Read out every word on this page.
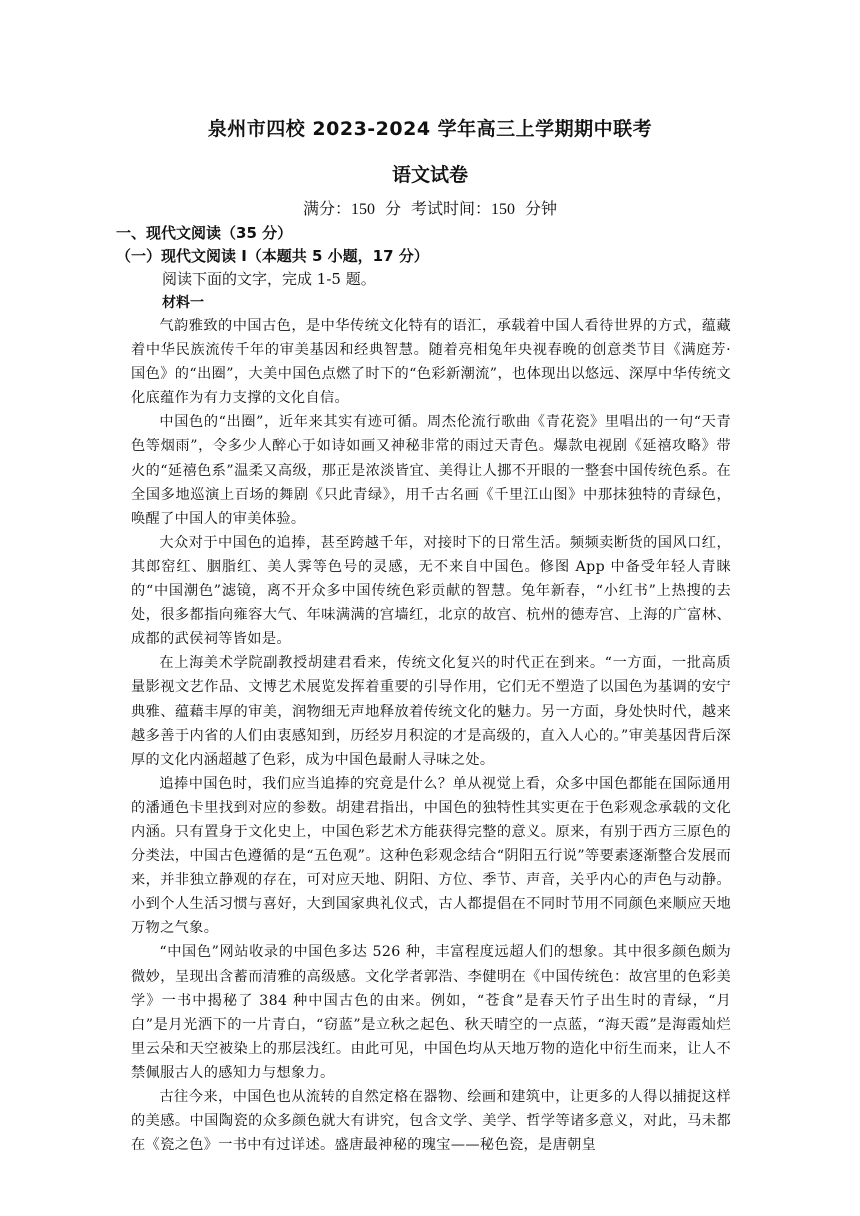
泉州市四校 2023-2024 学年高三上学期期中联考
语文试卷
满分：150 分 考试时间：150 分钟
一、现代文阅读（35 分）
（一）现代文阅读 I（本题共 5 小题，17 分）
阅读下面的文字，完成 1-5 题。
材料一

气韵雅致的中国古色，是中华传统文化特有的语汇，承载着中国人看待世界的方式，蕴藏着中华民族流传千年的审美基因和经典智慧。随着亮相兔年央视春晚的创意类节目《满庭芳·国色》的“出圈”，大美中国色点燃了时下的“色彩新潮流”，也体现出以悠远、深厚中华传统文化底蕴作为有力支撑的文化自信。

中国色的“出圈”，近年来其实有迹可循。周杰伦流行歌曲《青花瓷》里唱出的一句“天青色等烟雨”，令多少人醉心于如诗如画又神秘非常的雨过天青色。爆款电视剧《延禧攻略》带火的“延禧色系”温柔又高级，那正是浓淡皆宜、美得让人挪不开眼的一整套中国传统色系。在全国多地巡演上百场的舞剧《只此青绿》，用千古名画《千里江山图》中那抹独特的青绿色，唤醒了中国人的审美体验。

大众对于中国色的追捧，甚至跨越千年，对接时下的日常生活。频频卖断货的国风口红，其郎窑红、胭脂红、美人霁等色号的灵感，无不来自中国色。修图 App 中备受年轻人青睐的“中国潮色”滤镜，离不开众多中国传统色彩贡献的智慧。兔年新春，“小红书”上热搜的去处，很多都指向雍容大气、年味满满的宫墙红，北京的故宫、杭州的德寿宫、上海的广富林、成都的武侯祠等皆如是。

在上海美术学院副教授胡建君看来，传统文化复兴的时代正在到来。“一方面，一批高质量影视文艺作品、文博艺术展览发挥着重要的引导作用，它们无不塑造了以国色为基调的安宁典雅、蕴藉丰厚的审美，润物细无声地释放着传统文化的魅力。另一方面，身处快时代，越来越多善于内省的人们由衷感知到，历经岁月积淀的才是高级的，直入人心的。”审美基因背后深厚的文化内涵超越了色彩，成为中国色最耐人寻味之处。

追捧中国色时，我们应当追捧的究竟是什么？单从视觉上看，众多中国色都能在国际通用的潘通色卡里找到对应的参数。胡建君指出，中国色的独特性其实更在于色彩观念承载的文化内涵。只有置身于文化史上，中国色彩艺术方能获得完整的意义。原来，有别于西方三原色的分类法，中国古色遵循的是“五色观”。这种色彩观念结合“阴阳五行说”等要素逐渐整合发展而来，并非独立静观的存在，可对应天地、阴阳、方位、季节、声音，关乎内心的声色与动静。小到个人生活习惯与喜好，大到国家典礼仪式，古人都提倡在不同时节用不同颜色来顺应天地万物之气象。

“中国色”网站收录的中国色多达 526 种，丰富程度远超人们的想象。其中很多颜色颇为微妙，呈现出含蓄而清雅的高级感。文化学者郭浩、李健明在《中国传统色：故宫里的色彩美学》一书中揭秘了 384 种中国古色的由来。例如，“苍食”是春天竹子出生时的青绿，“月白”是月光洒下的一片青白，“窃蓝”是立秋之起色、秋天晴空的一点蓝，“海天霞”是海霞灿烂里云朵和天空被染上的那层浅红。由此可见，中国色均从天地万物的造化中衍生而来，让人不禁佩服古人的感知力与想象力。

古往今来，中国色也从流转的自然定格在器物、绘画和建筑中，让更多的人得以捕捉这样的美感。中国陶瓷的众多颜色就大有讲究，包含文学、美学、哲学等诸多意义，对此，马未都在《瓷之色》一书中有过详述。盛唐最神秘的瑰宝——秘色瓷，是唐朝皇
